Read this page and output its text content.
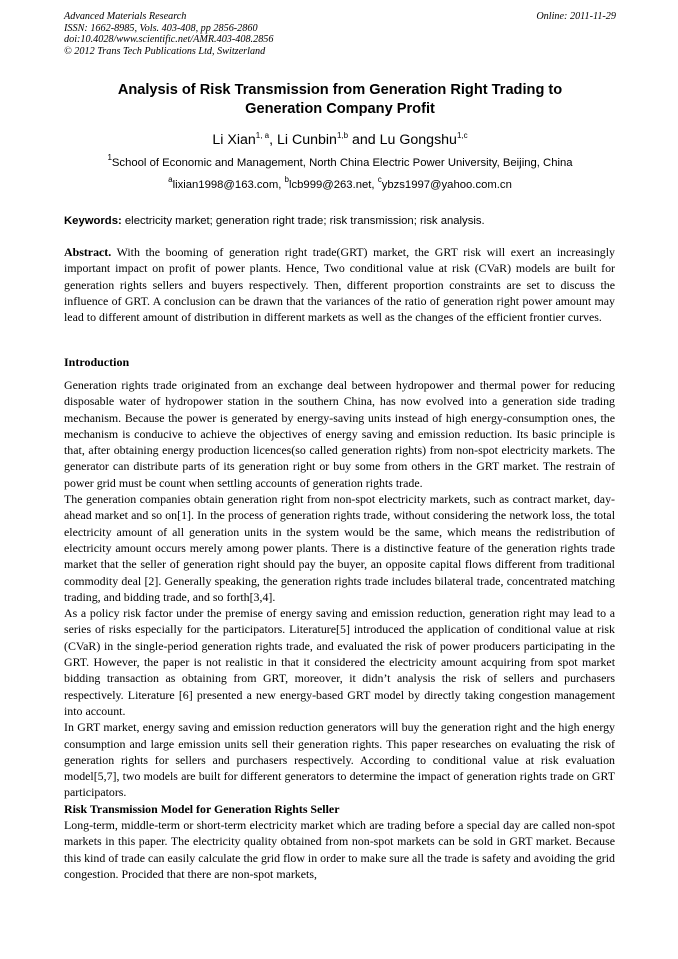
Advanced Materials Research
ISSN: 1662-8985, Vols. 403-408, pp 2856-2860
doi:10.4028/www.scientific.net/AMR.403-408.2856
© 2012 Trans Tech Publications Ltd, Switzerland
Online: 2011-11-29
Analysis of Risk Transmission from Generation Right Trading to
Generation Company Profit
Li Xian$^{1, a}$, Li Cunbin$^{1,b}$ and Lu Gongshu$^{1,c}$
$^1$School of Economic and Management, North China Electric Power University, Beijing, China
$^a$lixian1998@163.com, $^b$lcb999@263.net, $^c$ybzs1997@yahoo.com.cn
Keywords: electricity market; generation right trade; risk transmission; risk analysis.

Abstract. With the booming of generation right trade(GRT) market, the GRT risk will exert an increasingly important impact on profit of power plants. Hence, Two conditional value at risk (CVaR) models are built for generation rights sellers and buyers respectively. Then, different proportion constraints are set to discuss the influence of GRT. A conclusion can be drawn that the variances of the ratio of generation right power amount may lead to different amount of distribution in different markets as well as the changes of the efficient frontier curves.

Introduction

Generation rights trade originated from an exchange deal between hydropower and thermal power for reducing disposable water of hydropower station in the southern China, has now evolved into a generation side trading mechanism. Because the power is generated by energy-saving units instead of high energy-consumption ones, the mechanism is conducive to achieve the objectives of energy saving and emission reduction. Its basic principle is that, after obtaining energy production licences(so called generation rights) from non-spot electricity markets. The generator can distribute parts of its generation right or buy some from others in the GRT market. The restrain of power grid must be count when settling accounts of generation rights trade.

The generation companies obtain generation right from non-spot electricity markets, such as contract market, day-ahead market and so on[1]. In the process of generation rights trade, without considering the network loss, the total electricity amount of all generation units in the system would be the same, which means the redistribution of electricity amount occurs merely among power plants. There is a distinctive feature of the generation rights trade market that the seller of generation right should pay the buyer, an opposite capital flows different from traditional commodity deal [2]. Generally speaking, the generation rights trade includes bilateral trade, concentrated matching trading, and bidding trade, and so forth[3,4].

As a policy risk factor under the premise of energy saving and emission reduction, generation right may lead to a series of risks especially for the participators. Literature[5] introduced the application of conditional value at risk (CVaR) in the single-period generation rights trade, and evaluated the risk of power producers participating in the GRT. However, the paper is not realistic in that it considered the electricity amount acquiring from spot market bidding transaction as obtaining from GRT, moreover, it didn’t analysis the risk of sellers and purchasers respectively. Literature [6] presented a new energy-based GRT model by directly taking congestion management into account.

In GRT market, energy saving and emission reduction generators will buy the generation right and the high energy consumption and large emission units sell their generation rights. This paper researches on evaluating the risk of generation rights for sellers and purchasers respectively. According to conditional value at risk evaluation model[5,7], two models are built for different generators to determine the impact of generation rights trade on GRT participators.

Risk Transmission Model for Generation Rights Seller

Long-term, middle-term or short-term electricity market which are trading before a special day are called non-spot markets in this paper. The electricity quality obtained from non-spot markets can be sold in GRT market. Because this kind of trade can easily calculate the grid flow in order to make sure all the trade is safety and avoiding the grid congestion. Procided that there are non-spot markets,
